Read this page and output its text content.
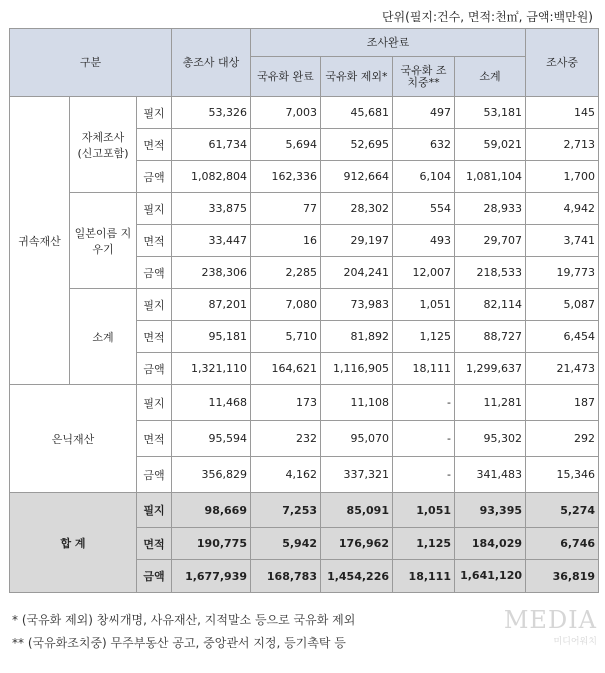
단위(필지:건수, 면적:천㎡, 금액:백만원)
구분			총조사 대상	조사완료				조사중
				국유화 완료	국유화 제외*	국유화 조치중**	소계	
귀속재산	자체조사 (신고포함)	필지	53,326	7,003	45,681	497	53,181	145
		면적	61,734	5,694	52,695	632	59,021	2,713
		금액	1,082,804	162,336	912,664	6,104	1,081,104	1,700
	일본이름 지우기	필지	33,875	77	28,302	554	28,933	4,942
		면적	33,447	16	29,197	493	29,707	3,741
		금액	238,306	2,285	204,241	12,007	218,533	19,773
	소계	필지	87,201	7,080	73,983	1,051	82,114	5,087
		면적	95,181	5,710	81,892	1,125	88,727	6,454
		금액	1,321,110	164,621	1,116,905	18,111	1,299,637	21,473
은닉재산		필지	11,468	173	11,108	-	11,281	187
		면적	95,594	232	95,070	-	95,302	292
		금액	356,829	4,162	337,321	-	341,483	15,346
합 계		필지	98,669	7,253	85,091	1,051	93,395	5,274
		면적	190,775	5,942	176,962	1,125	184,029	6,746
		금액	1,677,939	168,783	1,454,226	18,111	1,641,120	36,819
* (국유화 제외) 창씨개명, 사유재산, 지적말소 등으로 국유화 제외
** (국유화조치중) 무주부동산 공고, 중앙관서 지정, 등기촉탁 등
MEDIA
미디어워치
